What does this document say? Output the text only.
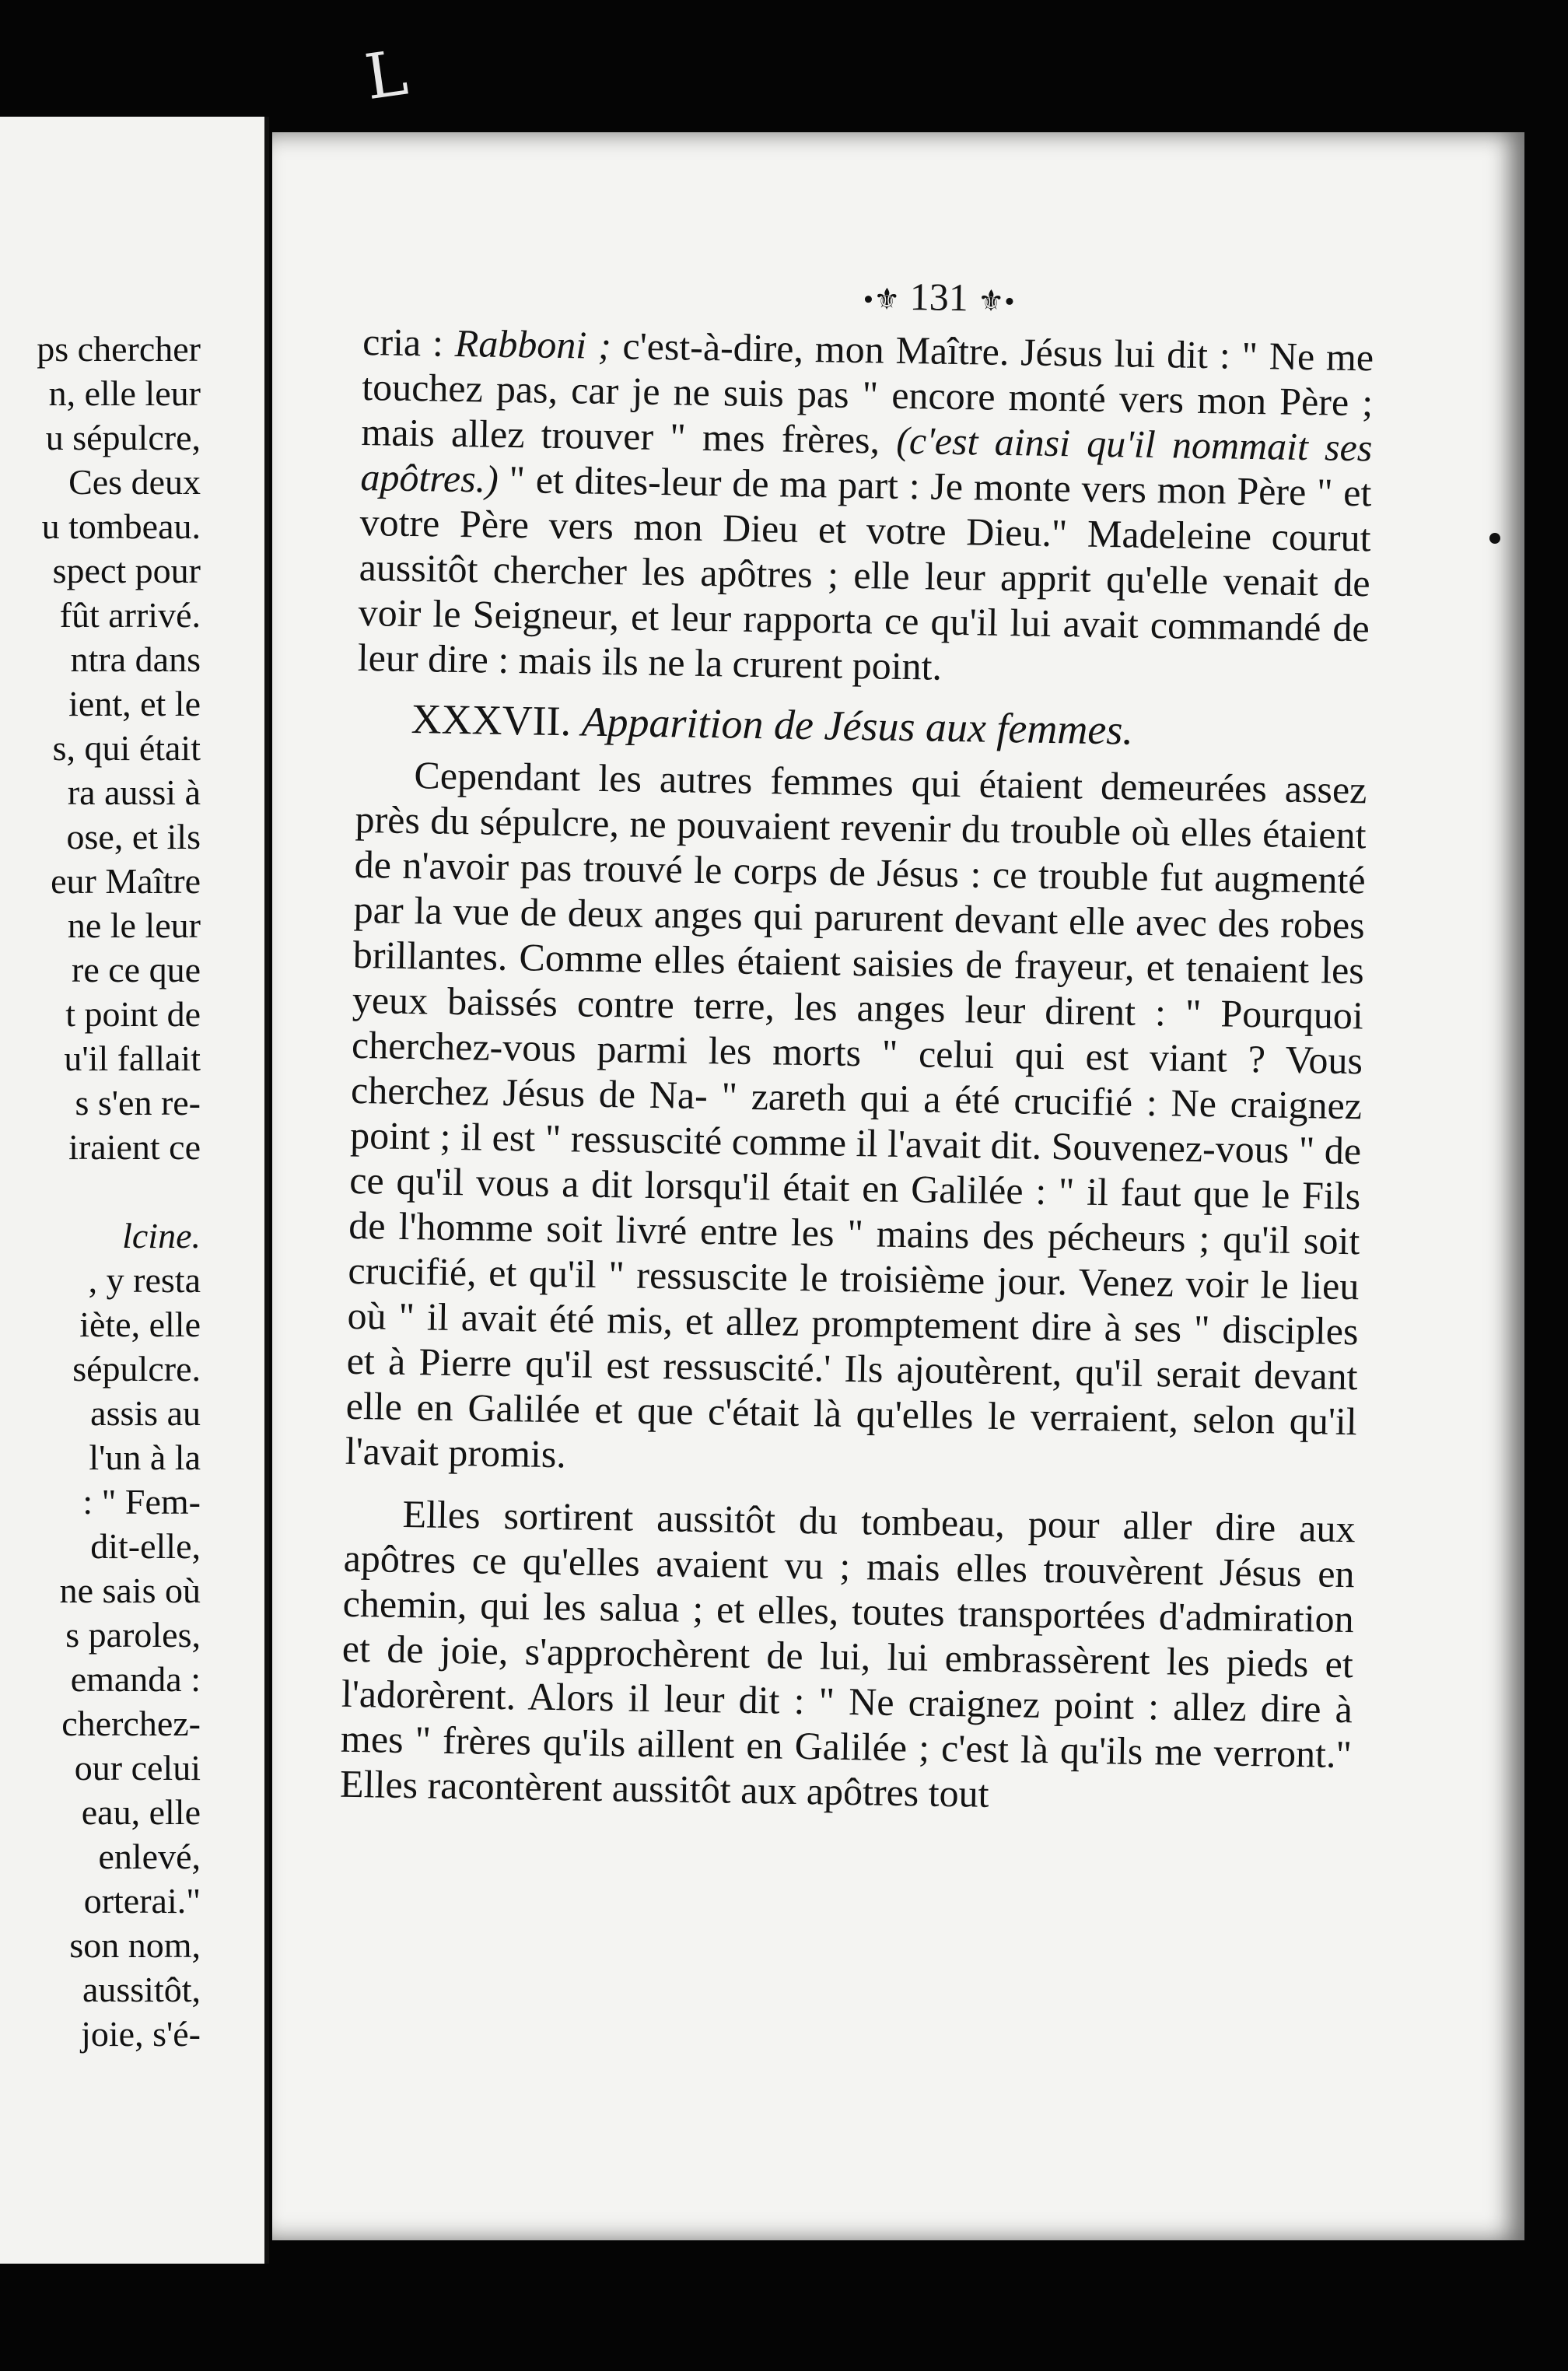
L
ps chercher
n, elle leur
u sépulcre,
Ces deux
u tombeau.
spect pour
fût arrivé.
ntra dans
ient, et le
s, qui était
ra aussi à
ose, et ils
eur Maître
ne le leur
re ce que
t point de
u'il fallait
s s'en re-
iraient ce
lcine.
, y resta
iète, elle
sépulcre.
assis au
l'un à la
: " Fem-
dit-elle,
ne sais où
s paroles,
emanda :
cherchez-
our celui
eau, elle
enlevé,
orterai."
son nom,
aussitôt,
joie, s'é-
•⚜ 131 ⚜•

cria : Rabboni ; c'est-à-dire, mon Maître. Jésus lui dit : " Ne me touchez pas, car je ne suis pas " encore monté vers mon Père ; mais allez trouver " mes frères, (c'est ainsi qu'il nommait ses apôtres.) " et dites-leur de ma part : Je monte vers mon Père " et votre Père vers mon Dieu et votre Dieu." Madeleine courut aussitôt chercher les apôtres ; elle leur apprit qu'elle venait de voir le Seigneur, et leur rapporta ce qu'il lui avait commandé de leur dire : mais ils ne la crurent point.

XXXVII. Apparition de Jésus aux femmes.

Cependant les autres femmes qui étaient demeurées assez près du sépulcre, ne pouvaient revenir du trouble où elles étaient de n'avoir pas trouvé le corps de Jésus : ce trouble fut augmenté par la vue de deux anges qui parurent devant elle avec des robes brillantes. Comme elles étaient saisies de frayeur, et tenaient les yeux baissés contre terre, les anges leur dirent : " Pourquoi cherchez-vous parmi les morts " celui qui est viant ? Vous cherchez Jésus de Na- " zareth qui a été crucifié : Ne craignez point ; il est " ressuscité comme il l'avait dit. Souvenez-vous " de ce qu'il vous a dit lorsqu'il était en Galilée : " il faut que le Fils de l'homme soit livré entre les " mains des pécheurs ; qu'il soit crucifié, et qu'il " ressuscite le troisième jour. Venez voir le lieu où " il avait été mis, et allez promptement dire à ses " disciples et à Pierre qu'il est ressuscité.' Ils ajoutèrent, qu'il serait devant elle en Galilée et que c'était là qu'elles le verraient, selon qu'il l'avait promis.

Elles sortirent aussitôt du tombeau, pour aller dire aux apôtres ce qu'elles avaient vu ; mais elles trouvèrent Jésus en chemin, qui les salua ; et elles, toutes transportées d'admiration et de joie, s'approchèrent de lui, lui embrassèrent les pieds et l'adorèrent. Alors il leur dit : " Ne craignez point : allez dire à mes " frères qu'ils aillent en Galilée ; c'est là qu'ils me verront." Elles racontèrent aussitôt aux apôtres tout
